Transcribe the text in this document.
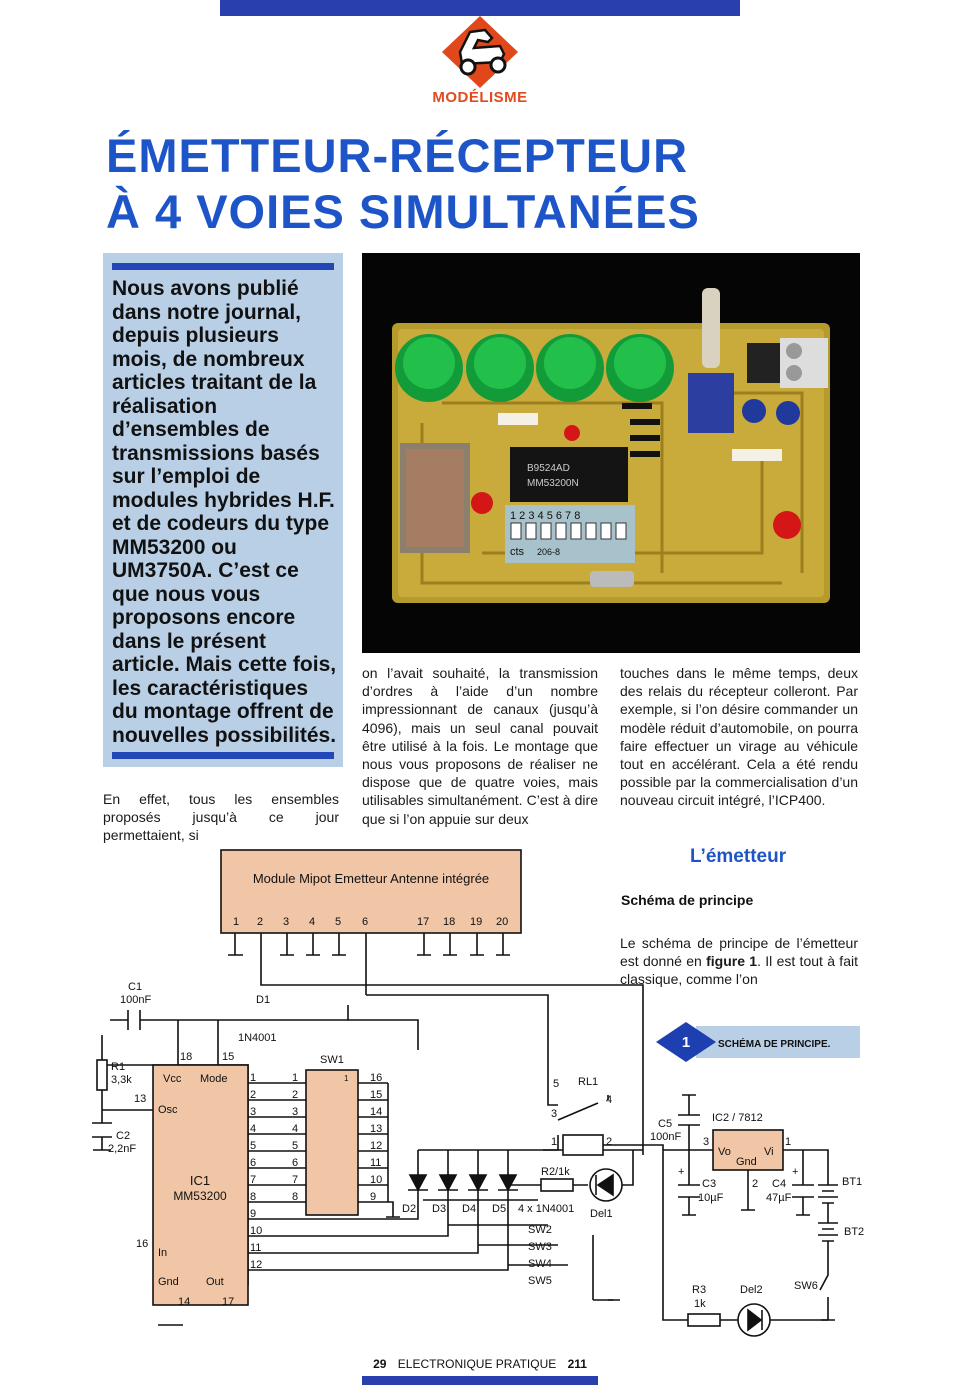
MODÉLISME
ÉMETTEUR-RÉCEPTEUR
À 4 VOIES SIMULTANÉES
Nous avons publié dans notre journal, depuis plusieurs mois, de nombreux articles traitant de la réalisation d’ensembles de transmissions basés sur l’emploi de modules hybrides H.F. et de codeurs du type MM53200 ou UM3750A. C’est ce que nous vous proposons encore dans le présent article. Mais cette fois, les caractéristiques du montage offrent de nouvelles possibilités.
B9524AD
MM53200N
1 2 3 4 5 6 7 8
cts 206-8
En effet, tous les ensembles proposés jusqu’à ce jour permettaient, si
on l’avait souhaité, la transmission d’ordres à l’aide d’un nombre impressionnant de canaux (jusqu’à 4096), mais un seul canal pouvait être utilisé à la fois. Le montage que nous vous proposons de réaliser ne dispose que de quatre voies, mais utilisables simultanément. C’est à dire que si l’on appuie sur deux
touches dans le même temps, deux des relais du récepteur colleront. Par exemple, si l’on désire commander un modèle réduit d’automobile, on pourra faire effectuer un virage au véhicule tout en accélérant. Cela a été rendu possible par la commercialisation d’un nouveau circuit intégré, l’ICP400.
L’émetteur
Schéma de principe
Le schéma de principe de l’émetteur est donné en figure 1. Il est tout à fait classique, comme l’on
1	SCHÉMA DE PRINCIPE.
Module Mipot Emetteur Antenne intégrée
1 2 3 4 5 6	17 18 19 20
C1
100nF	D1
1N4001
R1
3,3k
C2
2,2nF
18	15
13
Vcc Mode
Osc
IC1
MM53200
In
16
Gnd Out
14	17
1
2
3
4
5
6
7
8
9
10
11
12
SW1
1
2
3
4
5
6
7
8
16
15
14
13
12
11
10
9
1	RL1
5
4
3
1	2
R2/1k
Del1
D2 D3 D4 D5 4 x 1N4001
SW2
SW3
SW4
SW5
C5
100nF
IC2 / 7812
Vo	Vi
Gnd
3	1
2
+
C3
10µF
+
C4
47µF
BT1
BT2
SW6
R3
1k
Del2
29 ELECTRONIQUE PRATIQUE 211
